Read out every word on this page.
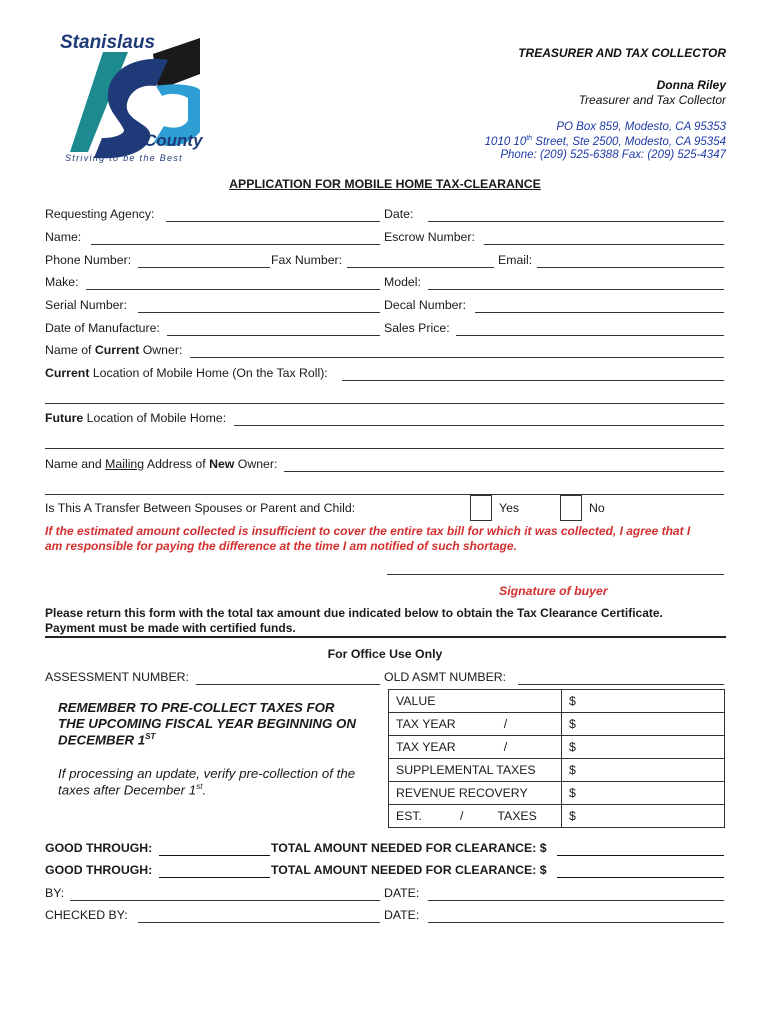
Stanislaus
County
Striving to be the Best
TREASURER AND TAX COLLECTOR
Donna Riley
Treasurer and Tax Collector
PO Box 859, Modesto, CA 95353
1010 10th Street, Ste 2500, Modesto, CA 95354
Phone: (209) 525-6388 Fax: (209) 525-4347
APPLICATION FOR MOBILE HOME TAX-CLEARANCE
Requesting Agency:	Date:
Name:	Escrow Number:
Phone Number:	Fax Number:	Email:
Make:	Model:
Serial Number:	Decal Number:
Date of Manufacture:	Sales Price:
Name of Current Owner:
Current Location of Mobile Home (On the Tax Roll):
Future Location of Mobile Home:
Name and Mailing Address of New Owner:
Is This A Transfer Between Spouses or Parent and Child:	Yes	No
If the estimated amount collected is insufficient to cover the entire tax bill for which it was collected, I agree that I
am responsible for paying the difference at the time I am notified of such shortage.
Signature of buyer
Please return this form with the total tax amount due indicated below to obtain the Tax Clearance Certificate.
Payment must be made with certified funds.
For Office Use Only
ASSESSMENT NUMBER:	OLD ASMT NUMBER:
REMEMBER TO PRE-COLLECT TAXES FOR
THE UPCOMING FISCAL YEAR BEGINNING ON
DECEMBER 1ST
If processing an update, verify pre-collection of the
taxes after December 1st.
VALUE	$
TAX YEAR /	$
TAX YEAR /	$
SUPPLEMENTAL TAXES	$
REVENUE RECOVERY	$
EST. / TAXES	$
GOOD THROUGH:	TOTAL AMOUNT NEEDED FOR CLEARANCE: $
GOOD THROUGH:	TOTAL AMOUNT NEEDED FOR CLEARANCE: $
BY:	DATE:
CHECKED BY:	DATE:
